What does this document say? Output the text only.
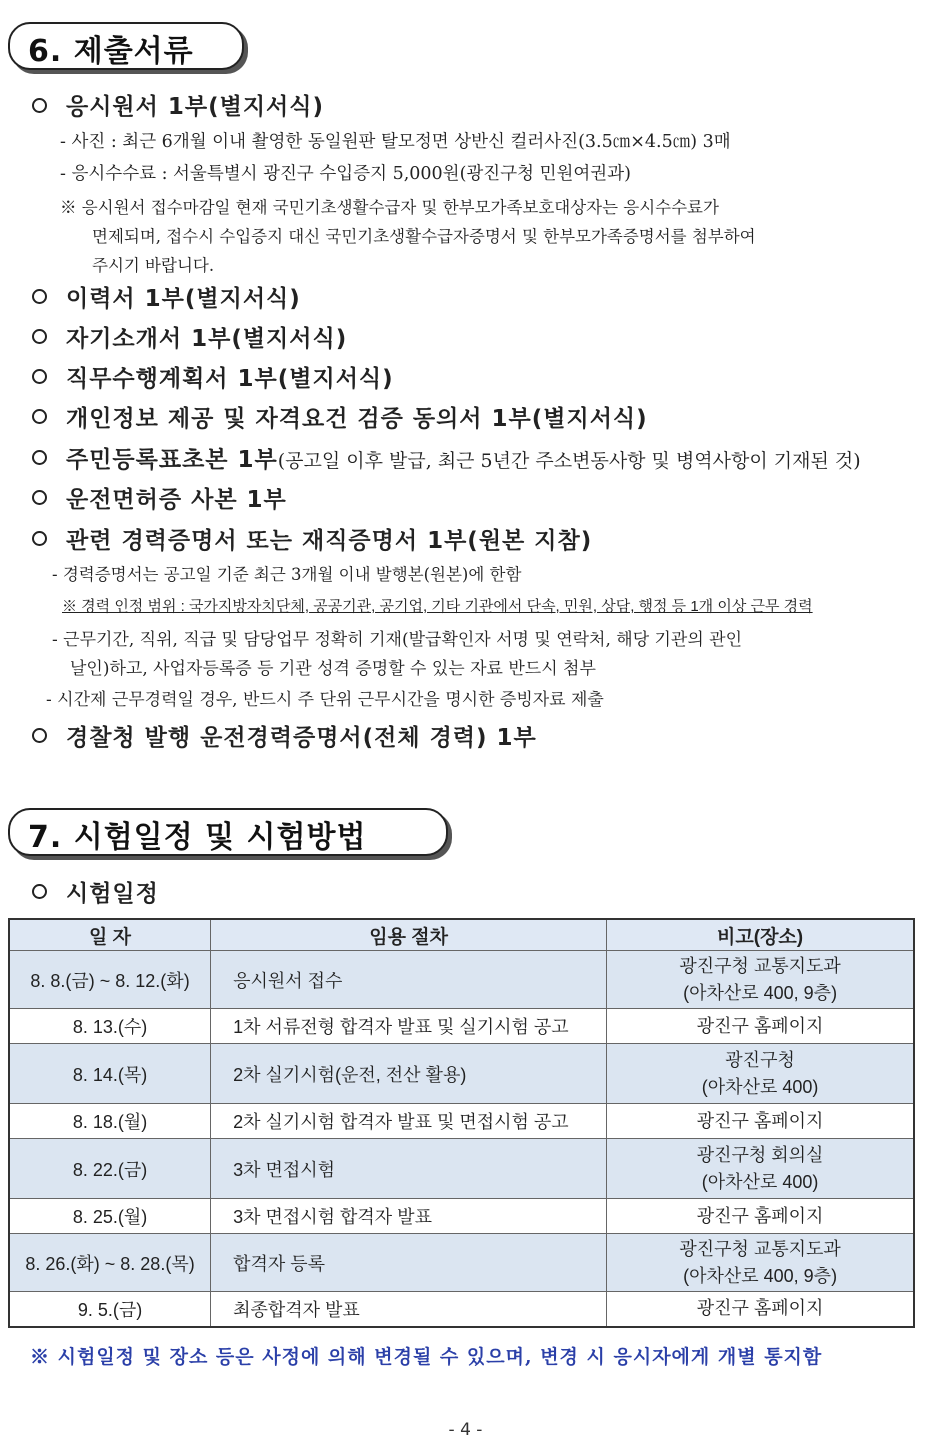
6. 제출서류
응시원서 1부(별지서식)
- 사진 : 최근 6개월 이내 촬영한 동일원판 탈모정면 상반신 컬러사진(3.5㎝×4.5㎝) 3매
- 응시수수료 : 서울특별시 광진구 수입증지 5,000원(광진구청 민원여권과)
※ 응시원서 접수마감일 현재 국민기초생활수급자 및 한부모가족보호대상자는 응시수수료가
면제되며, 접수시 수입증지 대신 국민기초생활수급자증명서 및 한부모가족증명서를 첨부하여
주시기 바랍니다.
이력서 1부(별지서식)
자기소개서 1부(별지서식)
직무수행계획서 1부(별지서식)
개인정보 제공 및 자격요건 검증 동의서 1부(별지서식)
주민등록표초본 1부(공고일 이후 발급, 최근 5년간 주소변동사항 및 병역사항이 기재된 것)
운전면허증 사본 1부
관련 경력증명서 또는 재직증명서 1부(원본 지참)
- 경력증명서는 공고일 기준 최근 3개월 이내 발행본(원본)에 한함
※ 경력 인정 범위 : 국가지방자치단체, 공공기관, 공기업, 기타 기관에서 단속, 민원, 상담, 행정 등 1개 이상 근무 경력
- 근무기간, 직위, 직급 및 담당업무 정확히 기재(발급확인자 서명 및 연락처, 해당 기관의 관인
날인)하고, 사업자등록증 등 기관 성격 증명할 수 있는 자료 반드시 첨부
- 시간제 근무경력일 경우, 반드시 주 단위 근무시간을 명시한 증빙자료 제출
경찰청 발행 운전경력증명서(전체 경력) 1부
7. 시험일정 및 시험방법
시험일정
일 자	임용 절차	비고(장소)
8. 8.(금) ~ 8. 12.(화)	응시원서 접수	광진구청 교통지도과
(아차산로 400, 9층)

8. 13.(수)	1차 서류전형 합격자 발표 및 실기시험 공고	광진구 홈페이지

8. 14.(목)	2차 실기시험(운전, 전산 활용)	광진구청
(아차산로 400)

8. 18.(월)	2차 실기시험 합격자 발표 및 면접시험 공고	광진구 홈페이지

8. 22.(금)	3차 면접시험	광진구청 회의실
(아차산로 400)

8. 25.(월)	3차 면접시험 합격자 발표	광진구 홈페이지

8. 26.(화) ~ 8. 28.(목)	합격자 등록	광진구청 교통지도과
(아차산로 400, 9층)

9. 5.(금)	최종합격자 발표	광진구 홈페이지
※ 시험일정 및 장소 등은 사정에 의해 변경될 수 있으며, 변경 시 응시자에게 개별 통지함
- 4 -
